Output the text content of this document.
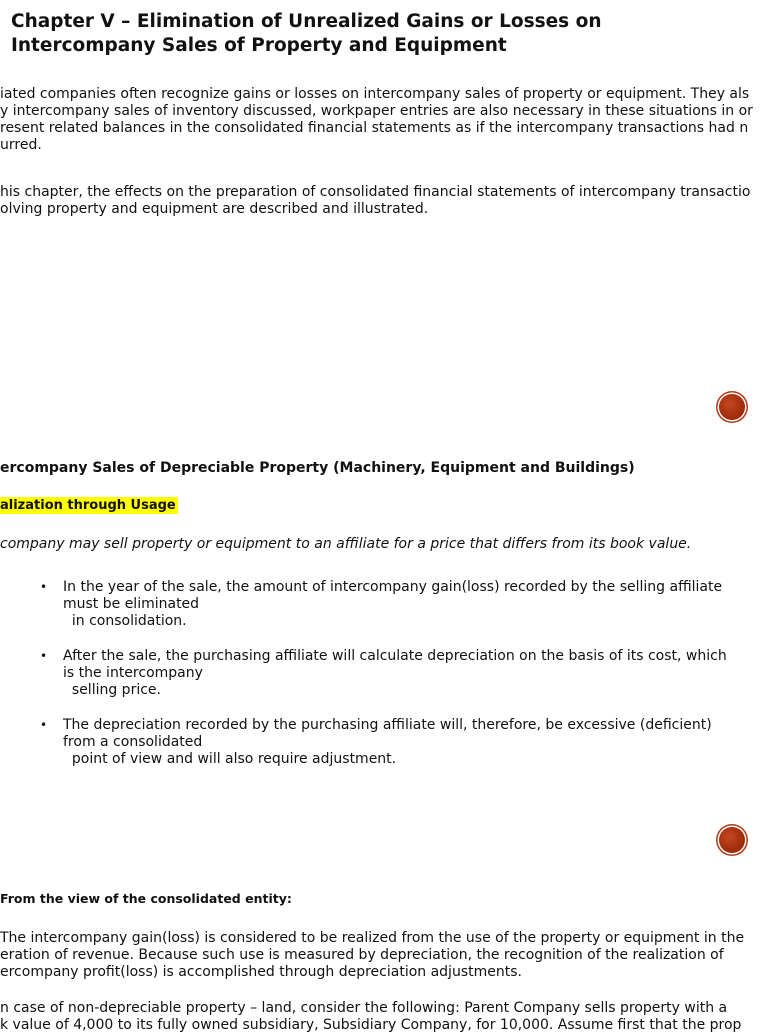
Chapter V – Elimination of Unrealized Gains or Losses on
Intercompany Sales of Property and Equipment
iated companies often recognize gains or losses on intercompany sales of property or equipment. They als
y intercompany sales of inventory discussed, workpaper entries are also necessary in these situations in or
resent related balances in the consolidated financial statements as if the intercompany transactions had n
urred.
his chapter, the effects on the preparation of consolidated financial statements of intercompany transactio
olving property and equipment are described and illustrated.
ercompany Sales of Depreciable Property (Machinery, Equipment and Buildings)
alization through Usage
company may sell property or equipment to an affiliate for a price that differs from its book value.
• In the year of the sale, the amount of intercompany gain(loss) recorded by the selling affiliate
must be eliminated
in consolidation.
• After the sale, the purchasing affiliate will calculate depreciation on the basis of its cost, which
is the intercompany
selling price.
• The depreciation recorded by the purchasing affiliate will, therefore, be excessive (deficient)
from a consolidated
point of view and will also require adjustment.
From the view of the consolidated entity:
The intercompany gain(loss) is considered to be realized from the use of the property or equipment in the
eration of revenue. Because such use is measured by depreciation, the recognition of the realization of
ercompany profit(loss) is accomplished through depreciation adjustments.
n case of non-depreciable property – land, consider the following: Parent Company sells property with a
k value of 4,000 to its fully owned subsidiary, Subsidiary Company, for 10,000. Assume first that the prop
